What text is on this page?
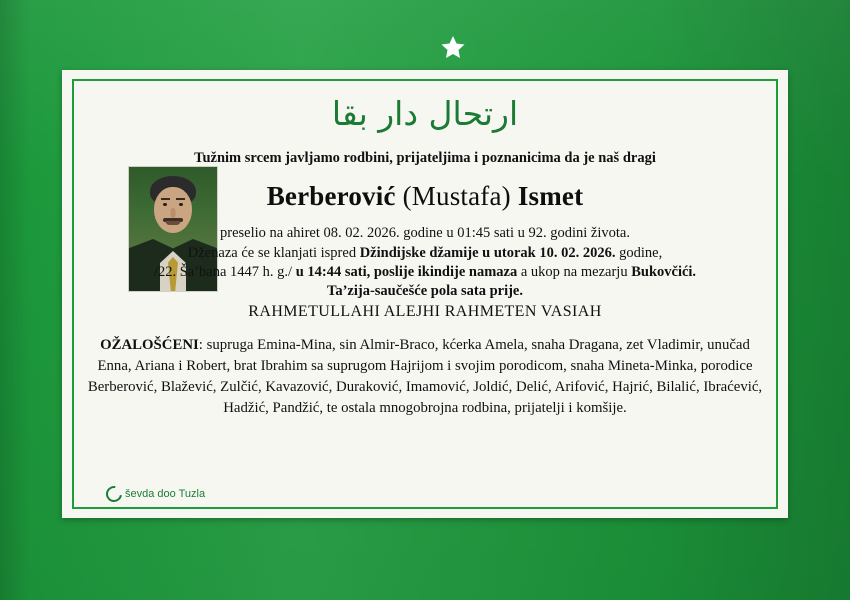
ارتحال دار بقا
Tužnim srcem javljamo rodbini, prijateljima i poznanicima da je naš dragi
Berberović (Mustafa) Ismet
preselio na ahiret 08. 02. 2026. godine u 01:45 sati u 92. godini života.
Dženaza će se klanjati ispred Džindijske džamije u utorak 10. 02. 2026. godine,
/22. Ša’bana 1447 h. g./ u 14:44 sati, poslije ikindije namaza a ukop na mezarju Bukovčići.
Ta’zija-saučešće pola sata prije.
RAHMETULLAHI ALEJHI RAHMETEN VASIAH
OŽALOŠĆENI: supruga Emina-Mina, sin Almir-Braco, kćerka Amela, snaha Dragana, zet Vladimir, unučad Enna, Ariana i Robert, brat Ibrahim sa suprugom Hajrijom i svojim porodicom, snaha Mineta-Minka, porodice Berberović, Blažević, Zulčić, Kavazović, Duraković, Imamović, Joldić, Delić, Arifović, Hajrić, Bilalić, Ibraćević, Hadžić, Pandžić, te ostala mnogobrojna rodbina, prijatelji i komšije.
ševda doo Tuzla
